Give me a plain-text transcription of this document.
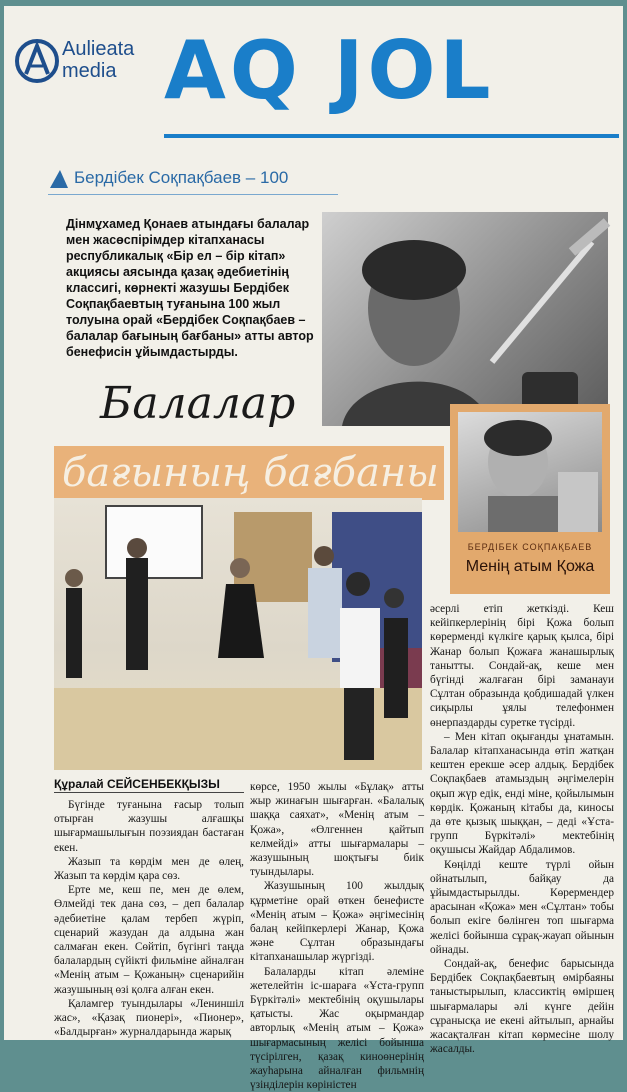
Aulieata
media AQ JOL
Бердібек Соқпақбаев – 100
Дінмұхамед Қонаев атындағы балалар мен жасөспірімдер кітапханасы республикалық «Бір ел – бір кітап» акциясы аясында қазақ әдебиетінің классигі, көрнекті жазушы Бердібек Соқпақбаевтың туғанына 100 жыл толуына орай «Бердібек Соқпақбаев – балалар бағының бағбаны» атты автор бенефисін ұйымдастырды.
Балалар
бағының бағбаны
БЕРДІБЕК СОҚПАҚБАЕВ
Менің атым Қожа

әсерлі етіп жеткізді. Кеш кейіпкерлерінің бірі Қожа болып көрерменді күлкіге қарық қылса, бірі Жанар болып Қожаға жанашырлық танытты. Сондай-ақ, кеше мен бүгінді жалғаған бірі заманауи Сұлтан образында қобдишадай үлкен сиқырлы ұялы телефонмен өнерпаздарды суретке түсірді.

– Мен кітап оқығанды ұнатамын. Балалар кітапханасында өтіп жатқан кештен ерекше әсер алдық. Бердібек Соқпақбаев атамыздың әңгімелерін оқып жүр едік, енді міне, қойылымын көрдік. Қожаның кітабы да, киносы да өте қызық шыққан, – деді «Ұста-групп Бүркітәлі» мектебінің оқушысы Жайдар Абдалимов.

Көңілді кеште түрлі ойын ойнатылып, байқау да ұйымдастырылды. Көрермендер арасынан «Қожа» мен «Сұлтан» тобы болып екіге бөлінген топ шығарма желісі бойынша сұрақ-жауап ойынын ойнады.

Сондай-ақ, бенефис барысында Бердібек Соқпақбаевтың өмірбаяны таныстырылып, классиктің өміршең шығармалары әлі күнге дейін сұранысқа ие екені айтылып, арнайы жасақталған кітап көрмесіне шолу жасалды.

Құралай СЕЙСЕНБЕКҚЫЗЫ

Бүгінде туғанына ғасыр толып отырған жазушы алғашқы шығармашылығын поэзиядан бастаған екен.

Жазып та көрдім мен де өлең, Жазып та көрдім қара сөз.

Ерте ме, кеш пе, мен де өлем, Өлмейді тек дана сөз, – деп балалар әдебиетіне қалам тербеп жүріп, сценарий жазудан да алдына жан салмаған екен. Сөйтіп, бүгінгі таңда балалардың сүйікті фильміне айналған «Менің атым – Қожаның» сценарийін жазушының өзі қолға алған екен.

Қаламгер туындылары «Лениншіл жас», «Қазақ пионері», «Пионер», «Балдырған» журналдарында жарық

көрсе, 1950 жылы «Бұлақ» атты жыр жинағын шығарған. «Балалық шаққа саяхат», «Менің атым – Қожа», «Өлгеннен қайтып келмейді» атты шығармалары – жазушының шоқтығы биік туындылары.

Жазушының 100 жылдық құрметіне орай өткен бенефисте «Менің атым – Қожа» әңгімесінің балаң кейіпкерлері Жанар, Қожа және Сұлтан образындағы кітапханашылар жүргізді.

Балаларды кітап әлеміне жетелейтін іс-шараға «Ұста-групп Бүркітәлі» мектебінің оқушылары қатысты. Жас оқырмандар авторлық «Менің атым – Қожа» шығармасының желісі бойынша түсірілген, қазақ киноөнерінің жауһарына айналған фильмнің үзінділерін көріністен
